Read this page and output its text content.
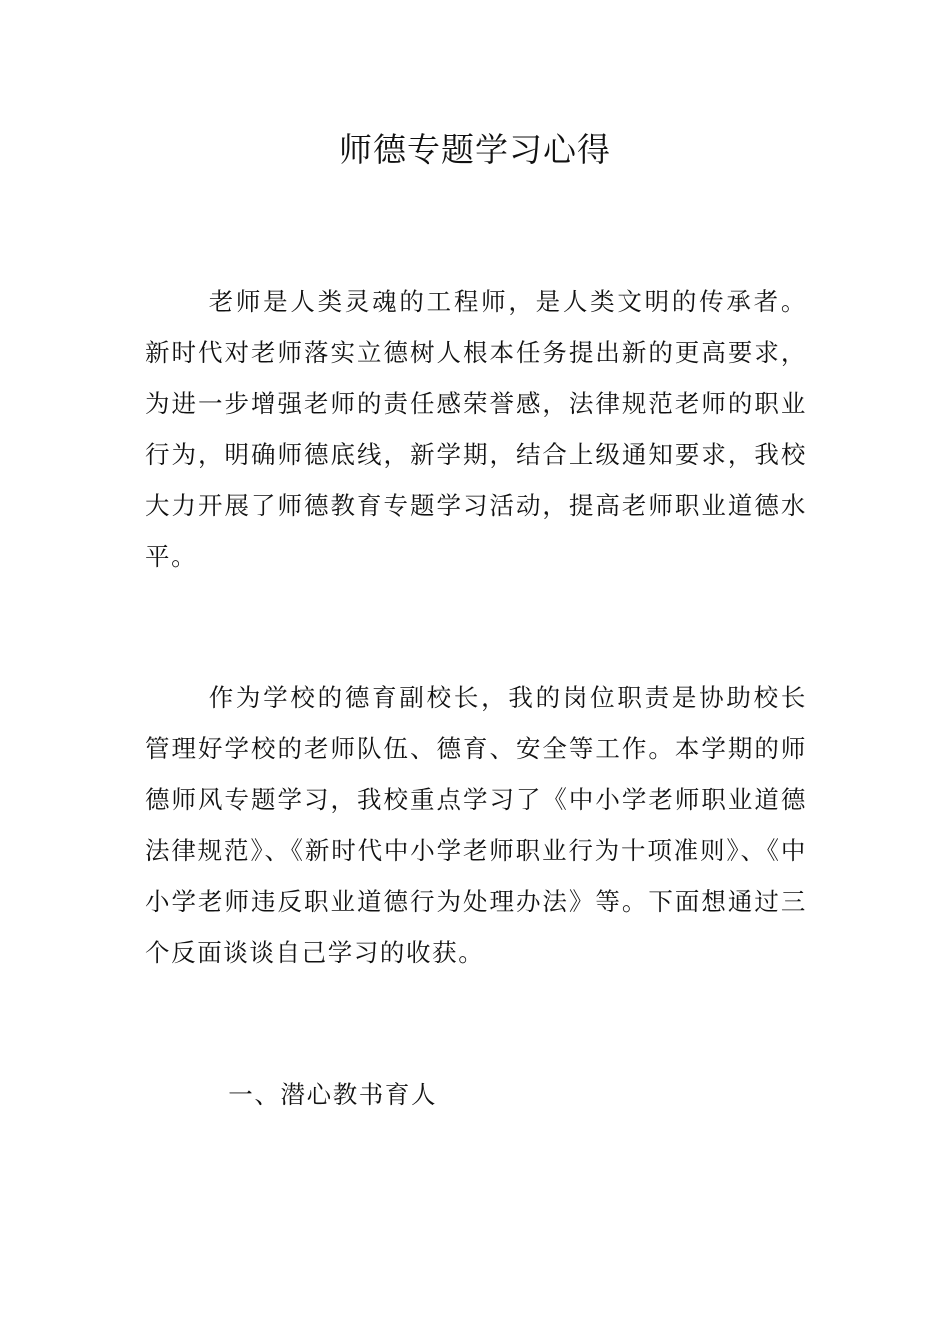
师德专题学习心得

老师是人类灵魂的工程师，是人类文明的传承者。新时代对老师落实立德树人根本任务提出新的更高要求，为进一步增强老师的责任感荣誉感，法律规范老师的职业行为，明确师德底线，新学期，结合上级通知要求，我校大力开展了师德教育专题学习活动，提高老师职业道德水平。

作为学校的德育副校长，我的岗位职责是协助校长管理好学校的老师队伍、德育、安全等工作。本学期的师德师风专题学习，我校重点学习了《中小学老师职业道德法律规范》、《新时代中小学老师职业行为十项准则》、《中小学老师违反职业道德行为处理办法》等。下面想通过三个反面谈谈自己学习的收获。

一、潜心教书育人
